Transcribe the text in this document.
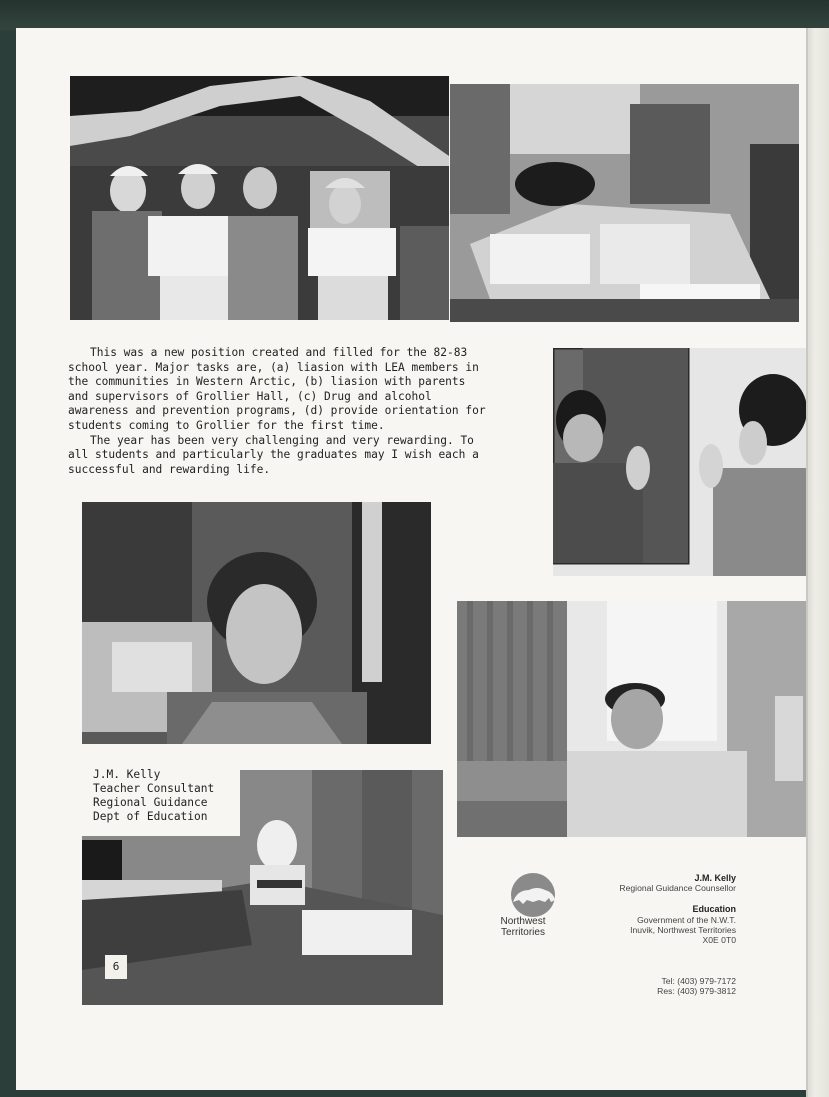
This was a new position created and filled for the 82-83 school year. Major tasks are, (a) liasion with LEA members in the communities in Western Arctic, (b) liasion with parents and supervisors of Grollier Hall, (c) Drug and alcohol awareness and prevention programs, (d) provide orientation for students coming to Grollier for the first time.

The year has been very challenging and very rewarding. To all students and particularly the graduates may I wish each a successful and rewarding life.

J.M. Kelly
Teacher Consultant
Regional Guidance
Dept of Education
6
Northwest
Territories
J.M. Kelly
Regional Guidance Counsellor
Education
Government of the N.W.T.
Inuvik, Northwest Territories
X0E 0T0
Tel: (403) 979-7172
Res: (403) 979-3812
